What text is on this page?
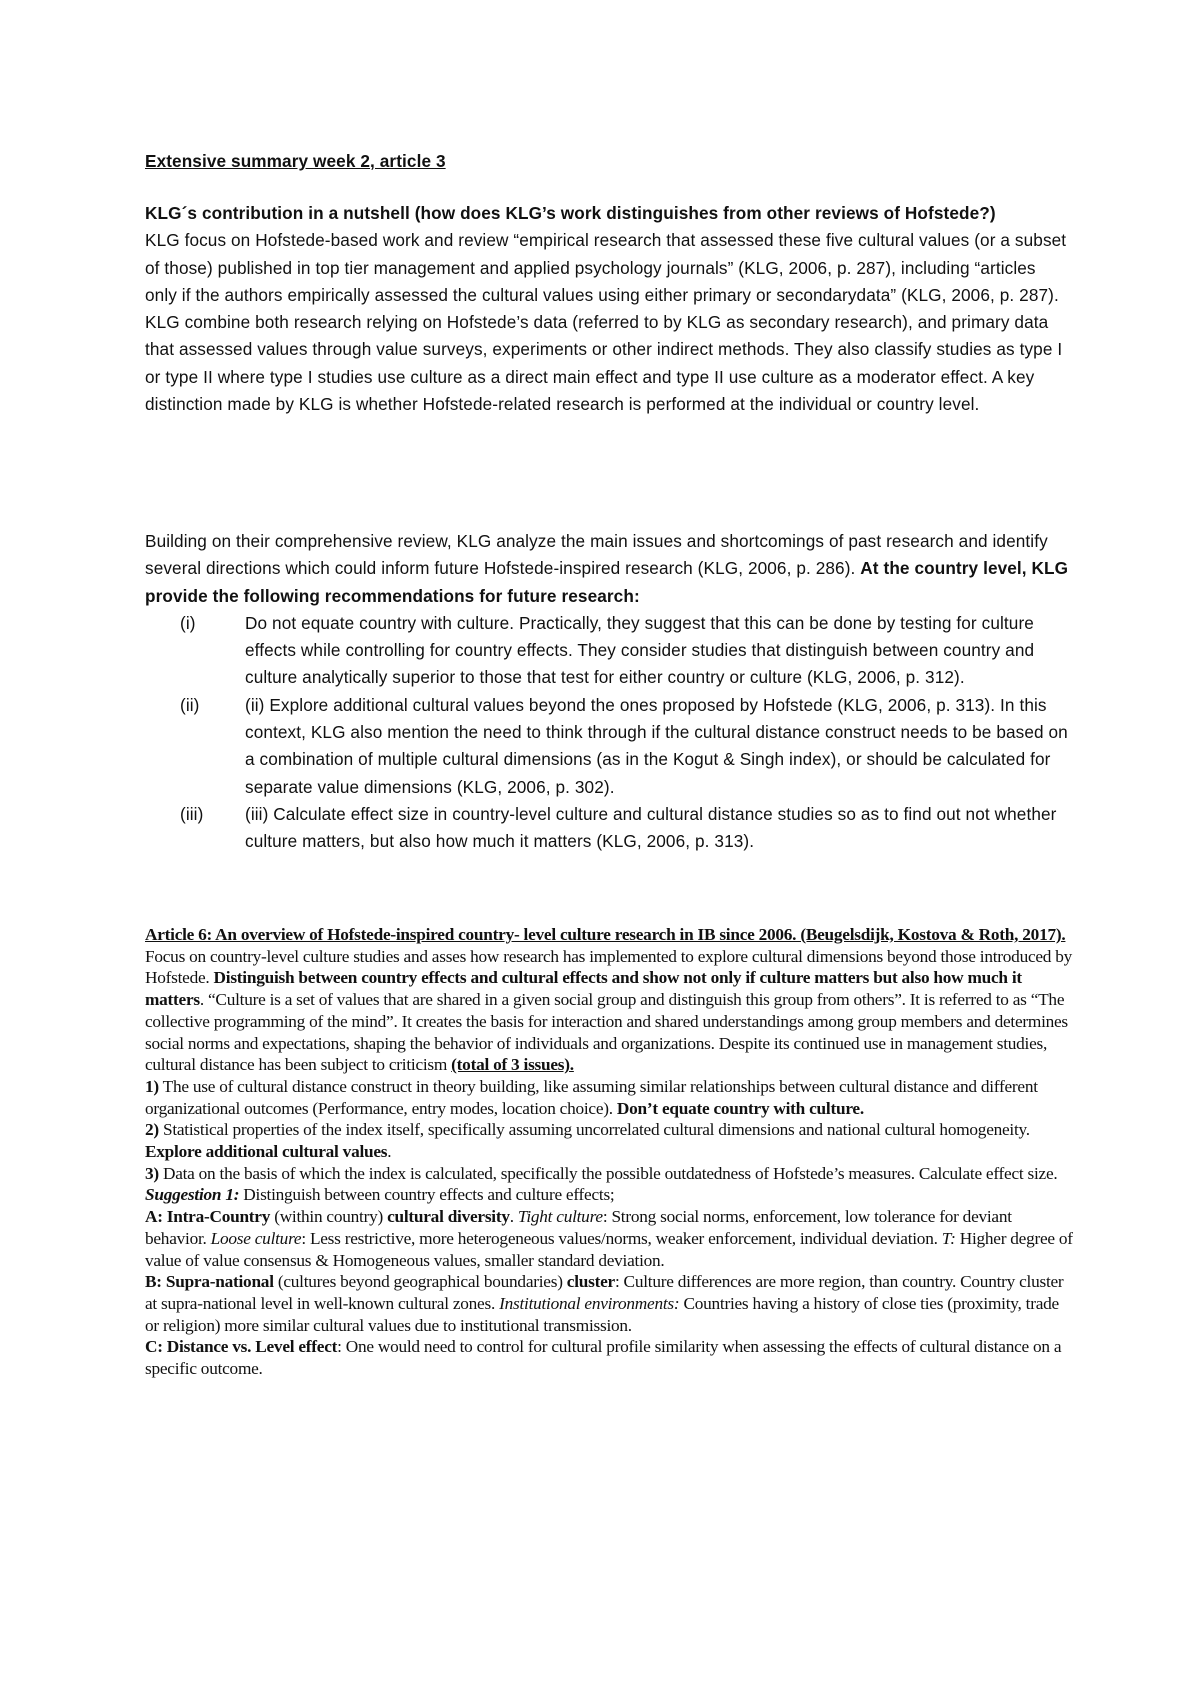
Extensive summary week 2, article 3
KLG´s contribution in a nutshell (how does KLG’s work distinguishes from other reviews of Hofstede?)
KLG focus on Hofstede-based work and review “empirical research that assessed these five cultural values (or a subset of those) published in top tier management and applied psychology journals” (KLG, 2006, p. 287), including “articles only if the authors empirically assessed the cultural values using either primary or secondarydata” (KLG, 2006, p. 287). KLG combine both research relying on Hofstede’s data (referred to by KLG as secondary research), and primary data that assessed values through value surveys, experiments or other indirect methods. They also classify studies as type I or type II where type I studies use culture as a direct main effect and type II use culture as a moderator effect. A key distinction made by KLG is whether Hofstede-related research is performed at the individual or country level.
Building on their comprehensive review, KLG analyze the main issues and shortcomings of past research and identify several directions which could inform future Hofstede-inspired research (KLG, 2006, p. 286). At the country level, KLG provide the following recommendations for future research:
(i)	Do not equate country with culture. Practically, they suggest that this can be done by testing for culture effects while controlling for country effects. They consider studies that distinguish between country and culture analytically superior to those that test for either country or culture (KLG, 2006, p. 312).
(ii)	(ii) Explore additional cultural values beyond the ones proposed by Hofstede (KLG, 2006, p. 313). In this context, KLG also mention the need to think through if the cultural distance construct needs to be based on a combination of multiple cultural dimensions (as in the Kogut & Singh index), or should be calculated for separate value dimensions (KLG, 2006, p. 302).
(iii)	(iii) Calculate effect size in country-level culture and cultural distance studies so as to find out not whether culture matters, but also how much it matters (KLG, 2006, p. 313).
Article 6: An overview of Hofstede-inspired country- level culture research in IB since 2006. (Beugelsdijk, Kostova & Roth, 2017).
Focus on country-level culture studies and asses how research has implemented to explore cultural dimensions beyond those introduced by Hofstede. Distinguish between country effects and cultural effects and show not only if culture matters but also how much it matters. “Culture is a set of values that are shared in a given social group and distinguish this group from others”. It is referred to as “The collective programming of the mind”. It creates the basis for interaction and shared understandings among group members and determines social norms and expectations, shaping the behavior of individuals and organizations. Despite its continued use in management studies, cultural distance has been subject to criticism (total of 3 issues).
1) The use of cultural distance construct in theory building, like assuming similar relationships between cultural distance and different organizational outcomes (Performance, entry modes, location choice). Don’t equate country with culture.
2) Statistical properties of the index itself, specifically assuming uncorrelated cultural dimensions and national cultural homogeneity. Explore additional cultural values.
3) Data on the basis of which the index is calculated, specifically the possible outdatedness of Hofstede’s measures. Calculate effect size.
Suggestion 1: Distinguish between country effects and culture effects;
A: Intra-Country (within country) cultural diversity. Tight culture: Strong social norms, enforcement, low tolerance for deviant behavior. Loose culture: Less restrictive, more heterogeneous values/norms, weaker enforcement, individual deviation. T: Higher degree of value of value consensus & Homogeneous values, smaller standard deviation.
B: Supra-national (cultures beyond geographical boundaries) cluster: Culture differences are more region, than country. Country cluster at supra-national level in well-known cultural zones. Institutional environments: Countries having a history of close ties (proximity, trade or religion) more similar cultural values due to institutional transmission.
C: Distance vs. Level effect: One would need to control for cultural profile similarity when assessing the effects of cultural distance on a specific outcome.
